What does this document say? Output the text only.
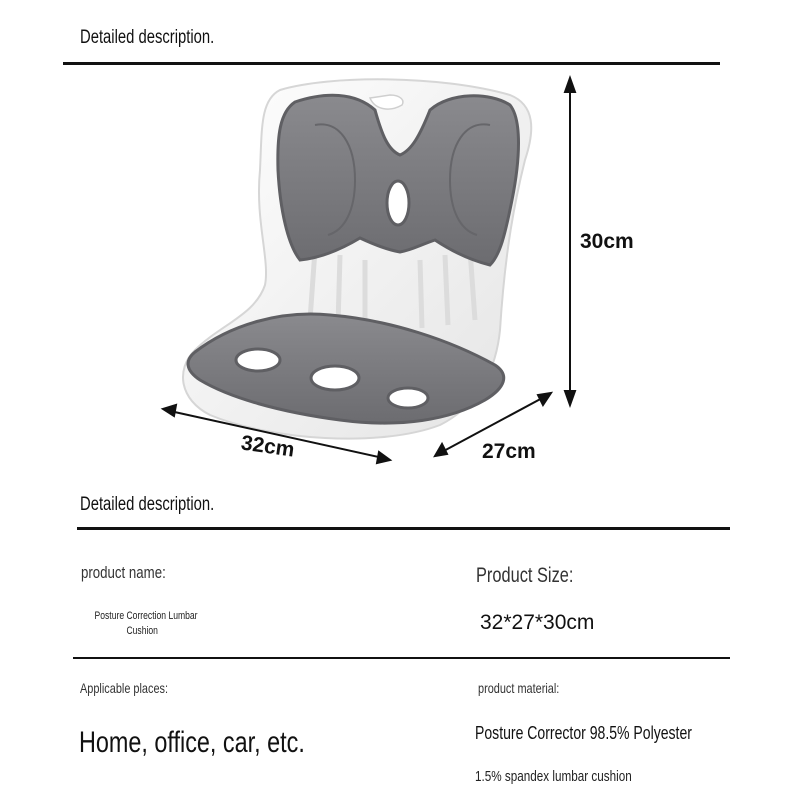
Detailed description.
30cm
32cm	27cm
Detailed description.
product name:	Product Size:
Posture Correction Lumbar
Cushion	32*27*30cm
Applicable places:	product material:
Home, office, car, etc.	Posture Corrector 98.5% Polyester
1.5% spandex lumbar cushion
